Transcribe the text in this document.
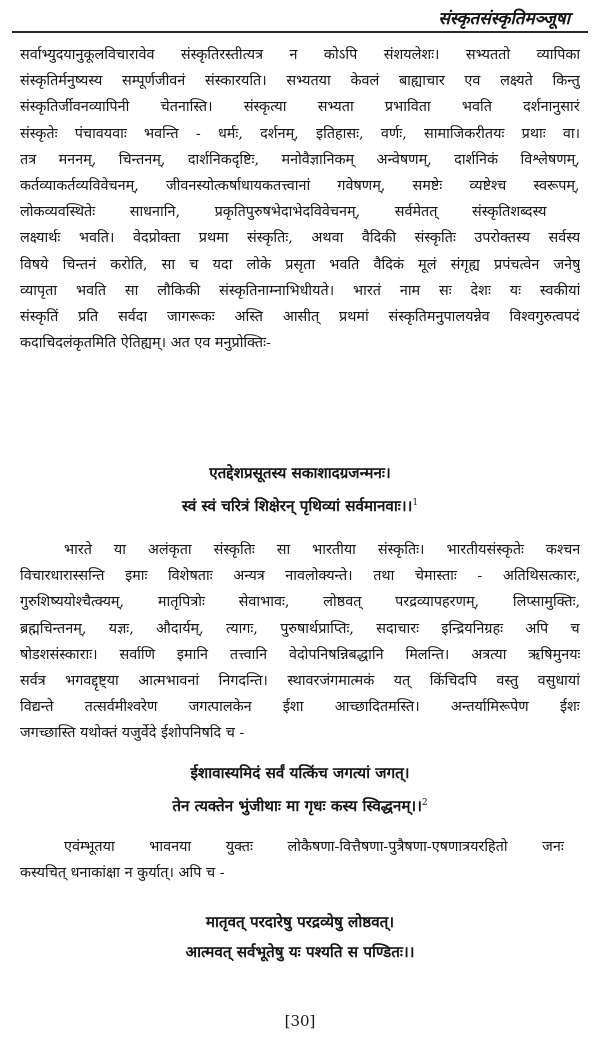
संस्कृतसंस्कृतिमञ्जूषा
सर्वाभ्युदयानुकूलविचारावेव संस्कृतिरस्तीत्यत्र न कोऽपि संशयलेशः। सभ्यततो व्यापिका
संस्कृतिर्मनुष्यस्य सम्पूर्णजीवनं संस्कारयति। सभ्यतया केवलं बाह्याचार एव लक्ष्यते किन्तु
संस्कृतिर्जीवनव्यापिनी चेतनास्ति। संस्कृत्या सभ्यता प्रभाविता भवति दर्शनानुसारं
संस्कृतेः पंचावयवाः भवन्ति - धर्मः, दर्शनम्, इतिहासः, वर्णः, सामाजिकरीतयः प्रथाः वा।
तत्र मननम्, चिन्तनम्, दार्शनिकदृष्टिः, मनोवैज्ञानिकम् अन्वेषणम्, दार्शनिकं विश्लेषणम्,
कर्तव्याकर्तव्यविवेचनम्, जीवनस्योत्कर्षाधायकतत्त्वानां गवेषणम्, समष्टेः व्यष्टेश्च स्वरूपम्,
लोकव्यवस्थितेः साधनानि, प्रकृतिपुरुषभेदाभेदविवेचनम्, सर्वमेतत् संस्कृतिशब्दस्य
लक्ष्यार्थः भवति। वेदप्रोक्ता प्रथमा संस्कृतिः, अथवा वैदिकी संस्कृतिः उपरोक्तस्य सर्वस्य
विषये चिन्तनं करोति, सा च यदा लोके प्रसृता भवति वैदिकं मूलं संगृह्य प्रपंचत्वेन जनेषु
व्यापृता भवति सा लौकिकी संस्कृतिनाम्नाभिधीयते। भारतं नाम सः देशः यः स्वकीयां
संस्कृतिं प्रति सर्वदा जागरूकः अस्ति आसीत् प्रथमां संस्कृतिमनुपालयन्नेव विश्वगुरुत्वपदं
कदाचिदलंकृतमिति ऐतिह्यम्। अत एव मनुप्रोक्तिः-
एतद्देशप्रसूतस्य सकाशादग्रजन्मनः।
स्वं स्वं चरित्रं शिक्षेरन् पृथिव्यां सर्वमानवाः।।$^1$
भारते या अलंकृता संस्कृतिः सा भारतीया संस्कृतिः। भारतीयसंस्कृतेः कश्चन
विचारधारास्सन्ति इमाः विशेषताः अन्यत्र नावलोक्यन्ते। तथा चेमास्ताः - अतिथिसत्कारः,
गुरुशिष्ययोश्चैत्क्यम्, मातृपित्रोः सेवाभावः, लोष्ठवत् परद्रव्यापहरणम्, लिप्सामुक्तिः,
ब्रह्मचिन्तनम्, यज्ञः, औदार्यम्, त्यागः, पुरुषार्थप्राप्तिः, सदाचारः इन्द्रियनिग्रहः अपि च
षोडशसंस्काराः। सर्वाणि इमानि तत्त्वानि वेदोपनिषन्निबद्धानि मिलन्ति। अत्रत्या ऋषिमुनयः
सर्वत्र भगवद्दृष्ट्या आत्मभावनां निगदन्ति। स्थावरजंगमात्मकं यत् किंचिदपि वस्तु वसुधायां
विद्यन्ते तत्सर्वमीश्वरेण जगत्पालकेन ईशा आच्छादितमस्ति। अन्तर्यामिरूपेण ईशः
जगच्छास्ति यथोक्तं यजुर्वेदे ईशोपनिषदि च -
ईशावास्यमिदं सर्वं यत्किंच जगत्यां जगत्।
तेन त्यक्तेन भुंजीथाः मा गृधः कस्य स्विद्धनम्।।$^2$
एवंम्भूतया भावनया युक्तः लोकैषणा-वित्तैषणा-पुत्रैषणा-एषणात्रयरहितो जनः
कस्यचित् धनाकांक्षा न कुर्यात्। अपि च -
मातृवत् परदारेषु परद्रव्येषु लोष्ठवत्।
आत्मवत् सर्वभूतेषु यः पश्यति स पण्डितः।।
[30]
